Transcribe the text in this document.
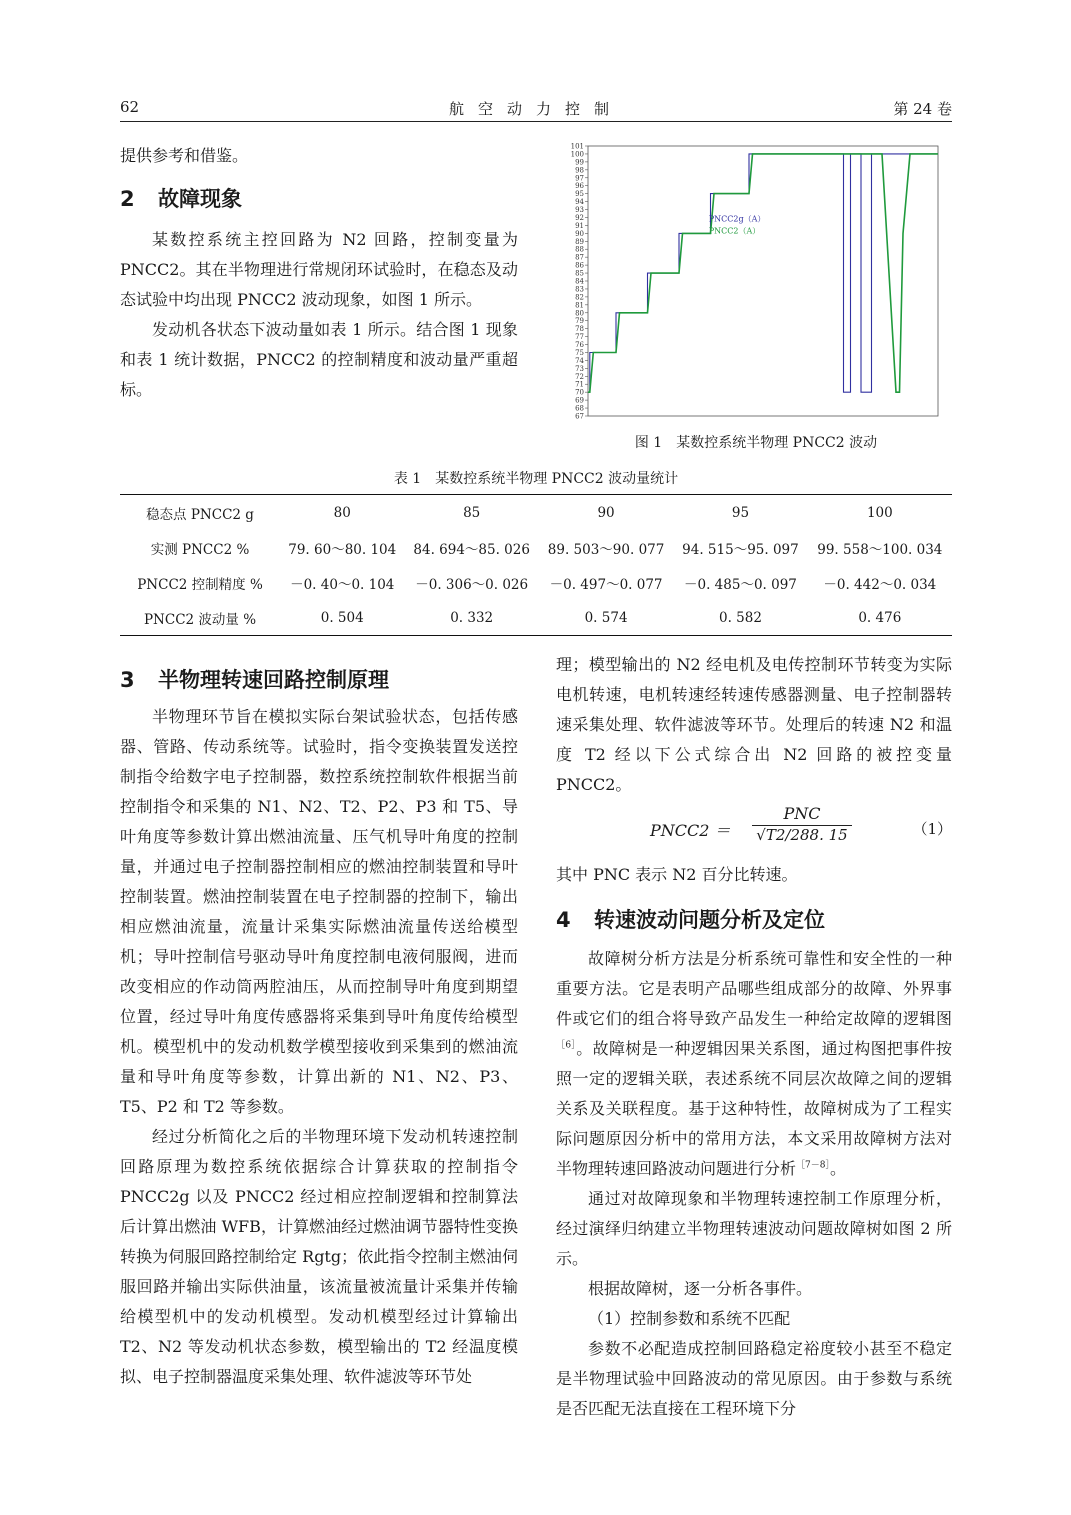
62	航空动力控制	第 24 卷

提供参考和借鉴。

2 故障现象

某数控系统主控回路为 N2 回路，控制变量为 PNCC2。其在半物理进行常规闭环试验时，在稳态及动态试验中均出现 PNCC2 波动现象，如图 1 所示。

发动机各状态下波动量如表 1 所示。结合图 1 现象和表 1 统计数据，PNCC2 的控制精度和波动量严重超标。

101
100
99
98
97
96
95
94
93
92
91
90
89
88
87
86
85
84
83
82
81
80
79
78
77
76
75
74
73
72
71
70
69
68
67
PNCC2g（A）
PNCC2（A）
图 1　某数控系统半物理 PNCC2 波动
表 1　某数控系统半物理 PNCC2 波动量统计
稳态点 PNCC2 g	80	85	90	95	100
实测 PNCC2 %	79. 60～80. 104	84. 694～85. 026	89. 503～90. 077	94. 515～95. 097	99. 558～100. 034
PNCC2 控制精度 %	－0. 40～0. 104	－0. 306～0. 026	－0. 497～0. 077	－0. 485～0. 097	－0. 442～0. 034
PNCC2 波动量 %	0. 504	0. 332	0. 574	0. 582	0. 476
3 半物理转速回路控制原理

半物理环节旨在模拟实际台架试验状态，包括传感器、管路、传动系统等。试验时，指令变换装置发送控制指令给数字电子控制器，数控系统控制软件根据当前控制指令和采集的 N1、N2、T2、P2、P3 和 T5、导叶角度等参数计算出燃油流量、压气机导叶角度的控制量，并通过电子控制器控制相应的燃油控制装置和导叶控制装置。燃油控制装置在电子控制器的控制下，输出相应燃油流量，流量计采集实际燃油流量传送给模型机；导叶控制信号驱动导叶角度控制电液伺服阀，进而改变相应的作动筒两腔油压，从而控制导叶角度到期望位置，经过导叶角度传感器将采集到导叶角度传给模型机。模型机中的发动机数学模型接收到采集到的燃油流量和导叶角度等参数，计算出新的 N1、N2、P3、T5、P2 和 T2 等参数。

经过分析简化之后的半物理环境下发动机转速控制回路原理为数控系统依据综合计算获取的控制指令 PNCC2g 以及 PNCC2 经过相应控制逻辑和控制算法后计算出燃油 WFB，计算燃油经过燃油调节器特性变换转换为伺服回路控制给定 Rgtg；依此指令控制主燃油伺服回路并输出实际供油量，该流量被流量计采集并传输给模型机中的发动机模型。发动机模型经过计算输出 T2、N2 等发动机状态参数，模型输出的 T2 经温度模拟、电子控制器温度采集处理、软件滤波等环节处

理；模型输出的 N2 经电机及电传控制环节转变为实际电机转速，电机转速经转速传感器测量、电子控制器转速采集处理、软件滤波等环节。处理后的转速 N2 和温度 T2 经以下公式综合出 N2 回路的被控变量 PNCC2。

PNCC2 ＝
PNC
√T2/288. 15	（1）

其中 PNC 表示 N2 百分比转速。

4 转速波动问题分析及定位

故障树分析方法是分析系统可靠性和安全性的一种重要方法。它是表明产品哪些组成部分的故障、外界事件或它们的组合将导致产品发生一种给定故障的逻辑图$^{[6]}$。故障树是一种逻辑因果关系图，通过构图把事件按照一定的逻辑关联，表述系统不同层次故障之间的逻辑关系及关联程度。基于这种特性，故障树成为了工程实际问题原因分析中的常用方法，本文采用故障树方法对半物理转速回路波动问题进行分析$^{[7-8]}$。

通过对故障现象和半物理转速控制工作原理分析，经过演绎归纳建立半物理转速波动问题故障树如图 2 所示。

根据故障树，逐一分析各事件。

（1）控制参数和系统不匹配

参数不必配造成控制回路稳定裕度较小甚至不稳定是半物理试验中回路波动的常见原因。由于参数与系统是否匹配无法直接在工程环境下分
